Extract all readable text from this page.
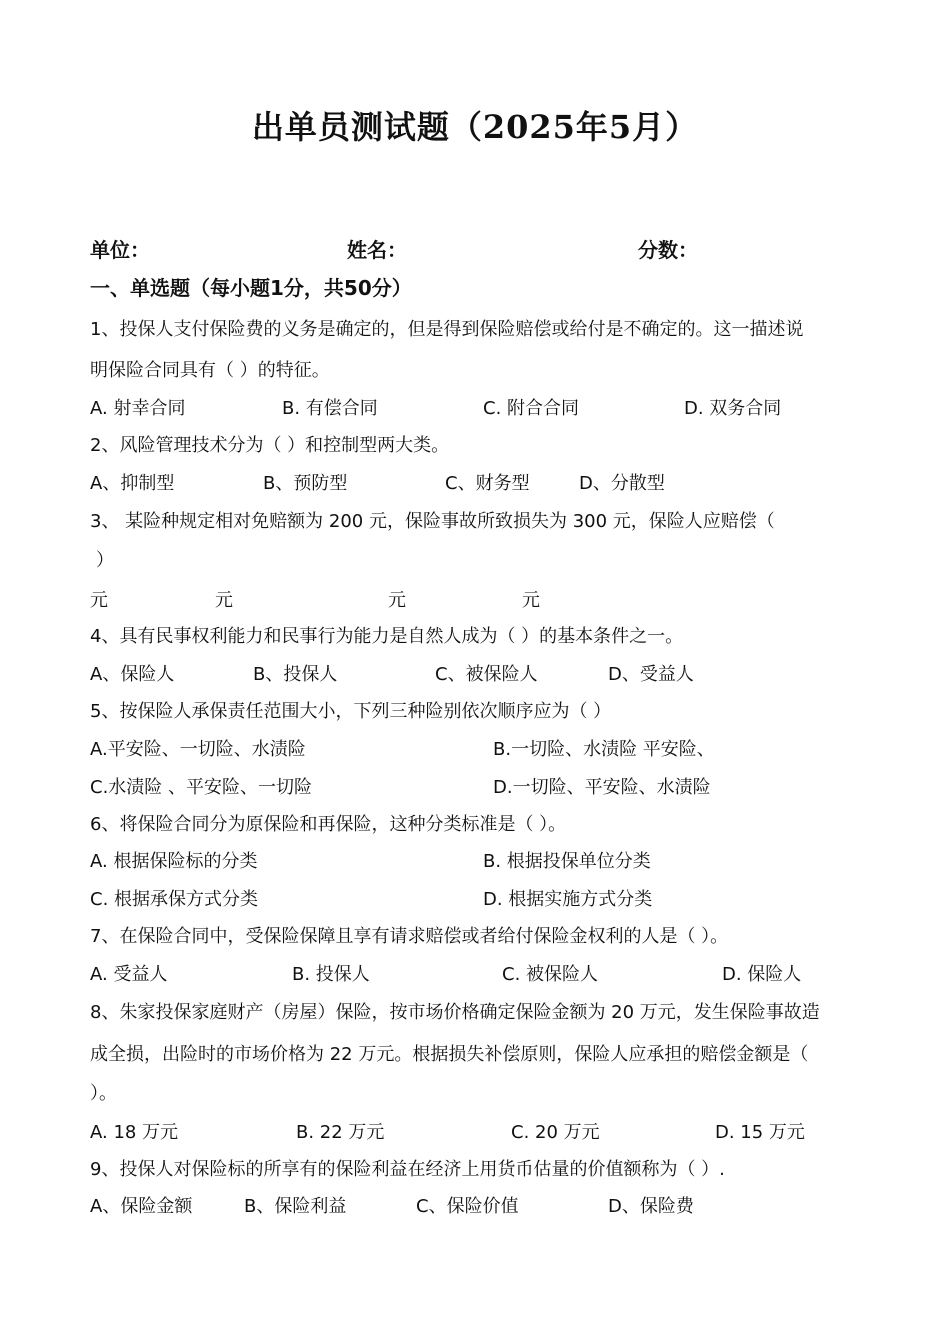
出单员测试题（2025年5月）
单位：	姓名：	分数：
一、单选题（每小题1分，共50分）
1、投保人支付保险费的义务是确定的，但是得到保险赔偿或给付是不确定的。这一描述说
明保险合同具有（ ）的特征。
A. 射幸合同	B. 有偿合同	C. 附合合同	D. 双务合同
2、风险管理技术分为（ ）和控制型两大类。
A、抑制型	B、预防型	C、财务型	D、分散型
3、 某险种规定相对免赔额为 200 元，保险事故所致损失为 300 元，保险人应赔偿（
）
元	元	元	元
4、具有民事权利能力和民事行为能力是自然人成为（ ）的基本条件之一。
A、保险人	B、投保人	C、被保险人	D、受益人
5、按保险人承保责任范围大小，下列三种险别依次顺序应为（ ）
A.平安险、一切险、水渍险	B.一切险、水渍险 平安险、
C.水渍险 、平安险、一切险	D.一切险、平安险、水渍险
6、将保险合同分为原保险和再保险，这种分类标准是（ ）。
A. 根据保险标的分类	B. 根据投保单位分类
C. 根据承保方式分类	D. 根据实施方式分类
7、在保险合同中，受保险保障且享有请求赔偿或者给付保险金权利的人是（ ）。
A. 受益人	B. 投保人	C. 被保险人	D. 保险人
8、朱家投保家庭财产（房屋）保险，按市场价格确定保险金额为 20 万元，发生保险事故造
成全损，出险时的市场价格为 22 万元。根据损失补偿原则，保险人应承担的赔偿金额是（
）。
A. 18 万元	B. 22 万元	C. 20 万元	D. 15 万元
9、投保人对保险标的所享有的保险利益在经济上用货币估量的价值额称为（ ）.
A、保险金额	B、保险利益	C、保险价值	D、保险费
